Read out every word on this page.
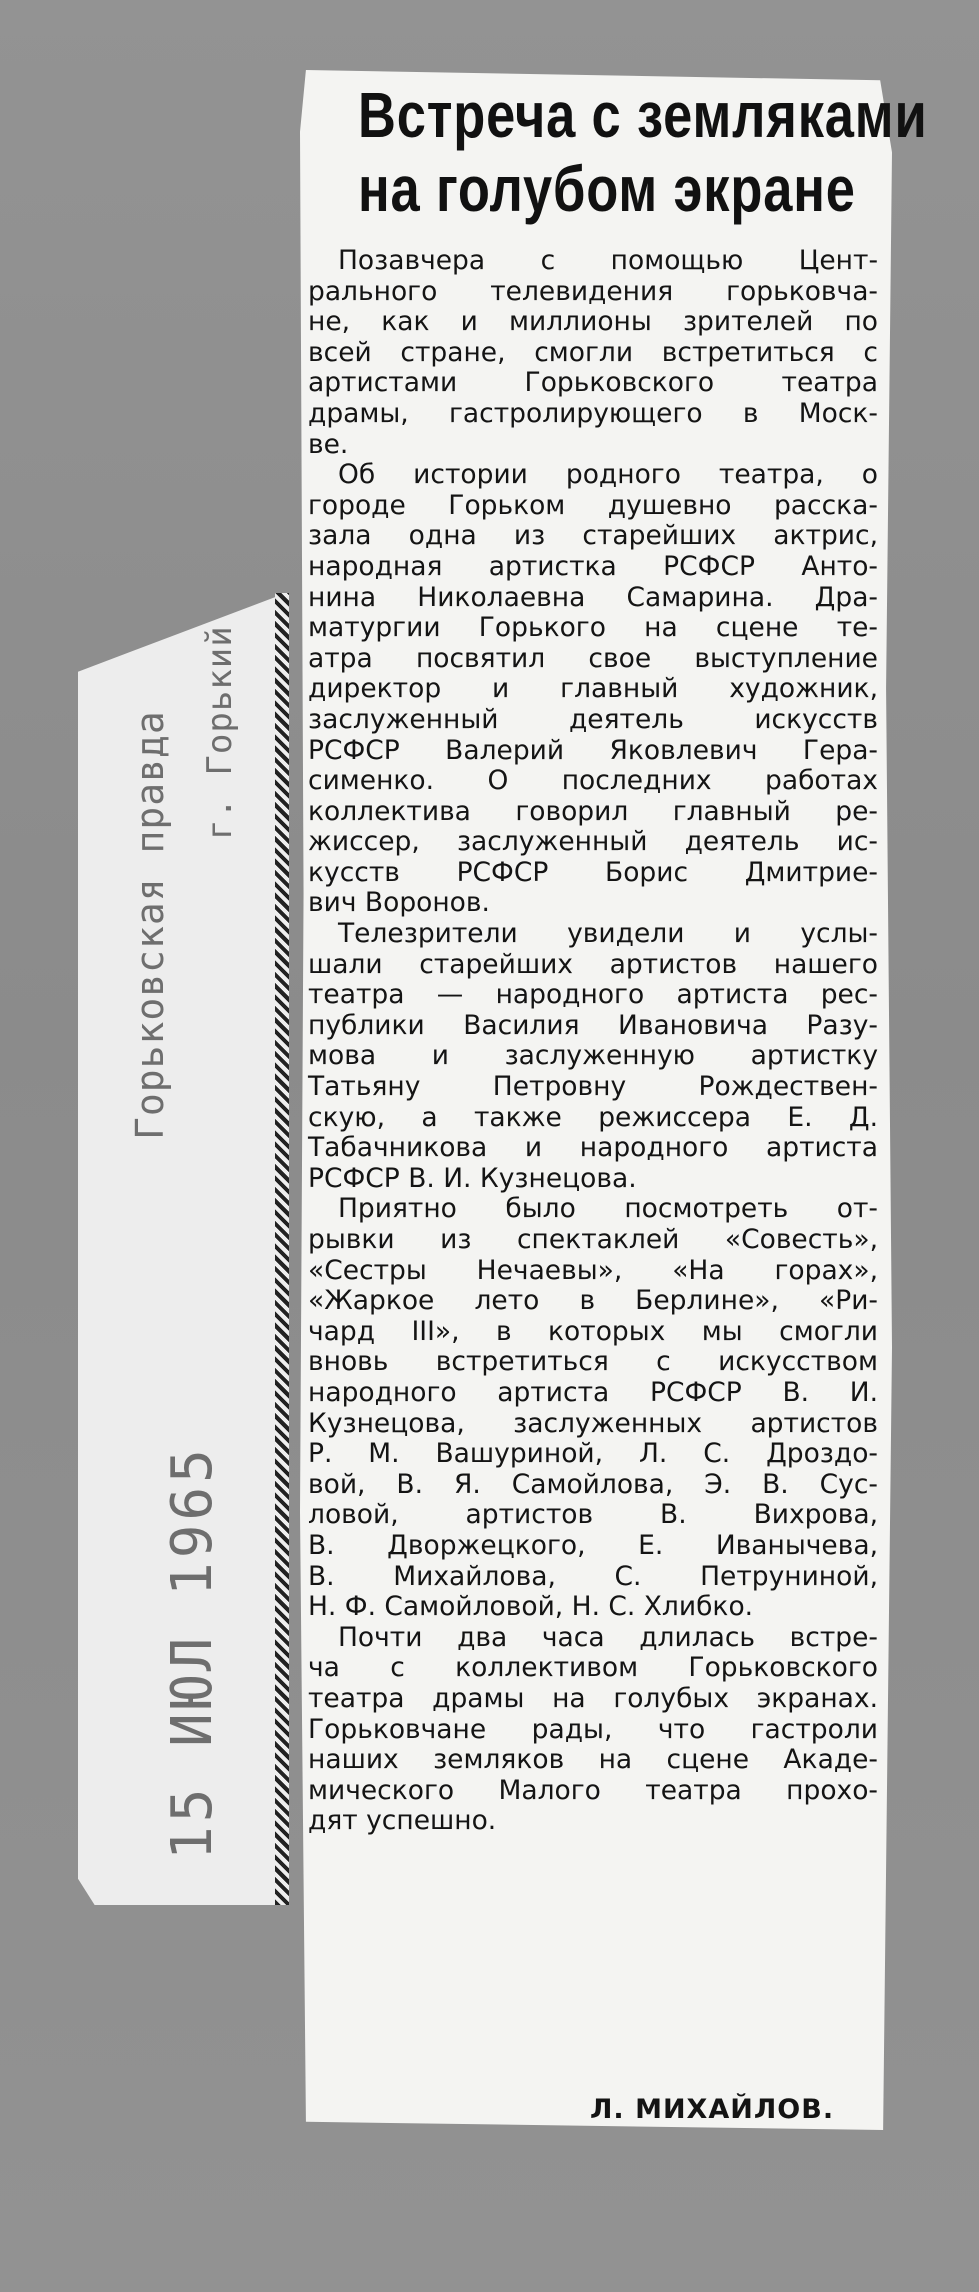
Горьковская правда г. Горький
15 ИЮЛ 1965
Встреча с земляками
на голубом экране

Позавчера с помощью Цент-
рального телевидения горьковча-
не, как и миллионы зрителей по
всей стране, смогли встретиться с
артистами Горьковского театра
драмы, гастролирующего в Моск-
ве.

Об истории родного театра, о
городе Горьком душевно расска-
зала одна из старейших актрис,
народная артистка РСФСР Анто-
нина Николаевна Самарина. Дра-
матургии Горького на сцене те-
атра посвятил свое выступление
директор и главный художник,
заслуженный деятель искусств
РСФСР Валерий Яковлевич Гера-
сименко. О последних работах
коллектива говорил главный ре-
жиссер, заслуженный деятель ис-
кусств РСФСР Борис Дмитрие-
вич Воронов.

Телезрители увидели и услы-
шали старейших артистов нашего
театра — народного артиста рес-
публики Василия Ивановича Разу-
мова и заслуженную артистку
Татьяну Петровну Рождествен-
скую, а также режиссера Е. Д.
Табачникова и народного артиста
РСФСР В. И. Кузнецова.

Приятно было посмотреть от-
рывки из спектаклей «Совесть»,
«Сестры Нечаевы», «На горах»,
«Жаркое лето в Берлине», «Ри-
чард III», в которых мы смогли
вновь встретиться с искусством
народного артиста РСФСР В. И.
Кузнецова, заслуженных артистов
Р. М. Вашуриной, Л. С. Дроздо-
вой, В. Я. Самойлова, Э. В. Сус-
ловой, артистов В. Вихрова,
В. Дворжецкого, Е. Иванычева,
В. Михайлова, С. Петруниной,
Н. Ф. Самойловой, Н. С. Хлибко.

Почти два часа длилась встре-
ча с коллективом Горьковского
театра драмы на голубых экранах.
Горьковчане рады, что гастроли
наших земляков на сцене Акаде-
мического Малого театра прохо-
дят успешно.

Л. МИХАЙЛОВ.
